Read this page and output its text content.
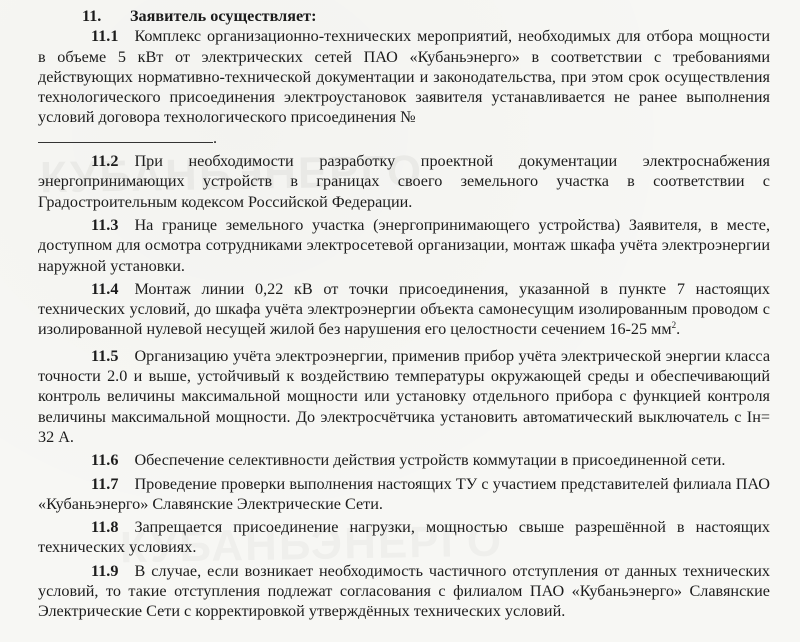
11. Заявитель осуществляет:

11.1 Комплекс организационно-технических мероприятий, необходимых для отбора мощности в объеме 5 кВт от электрических сетей ПАО «Кубаньэнерго» в соответствии с требованиями действующих нормативно-технической документации и законодательства, при этом срок осуществления технологического присоединения электроустановок заявителя устанавливается не ранее выполнения условий договора технологического присоединения №
.

11.2 При необходимости разработку проектной документации электроснабжения энергопринимающих устройств в границах своего земельного участка в соответствии с Градостроительным кодексом Российской Федерации.

11.3 На границе земельного участка (энергопринимающего устройства) Заявителя, в месте, доступном для осмотра сотрудниками электросетевой организации, монтаж шкафа учёта электроэнергии наружной установки.

11.4 Монтаж линии 0,22 кВ от точки присоединения, указанной в пункте 7 настоящих технических условий, до шкафа учёта электроэнергии объекта самонесущим изолированным проводом с изолированной нулевой несущей жилой без нарушения его целостности сечением 16-25 $мм^2$.

11.5 Организацию учёта электроэнергии, применив прибор учёта электрической энергии класса точности 2.0 и выше, устойчивый к воздействию температуры окружающей среды и обеспечивающий контроль величины максимальной мощности или установку отдельного прибора с функцией контроля величины максимальной мощности. До электросчётчика установить автоматический выключатель с Iн= 32 А.

11.6 Обеспечение селективности действия устройств коммутации в присоединенной сети.

11.7 Проведение проверки выполнения настоящих ТУ с участием представителей филиала ПАО «Кубаньэнерго» Славянские Электрические Сети.

11.8 Запрещается присоединение нагрузки, мощностью свыше разрешённой в настоящих технических условиях.

11.9 В случае, если возникает необходимость частичного отступления от данных технических условий, то такие отступления подлежат согласования с филиалом ПАО «Кубаньэнерго» Славянские Электрические Сети с корректировкой утверждённых технических условий.
